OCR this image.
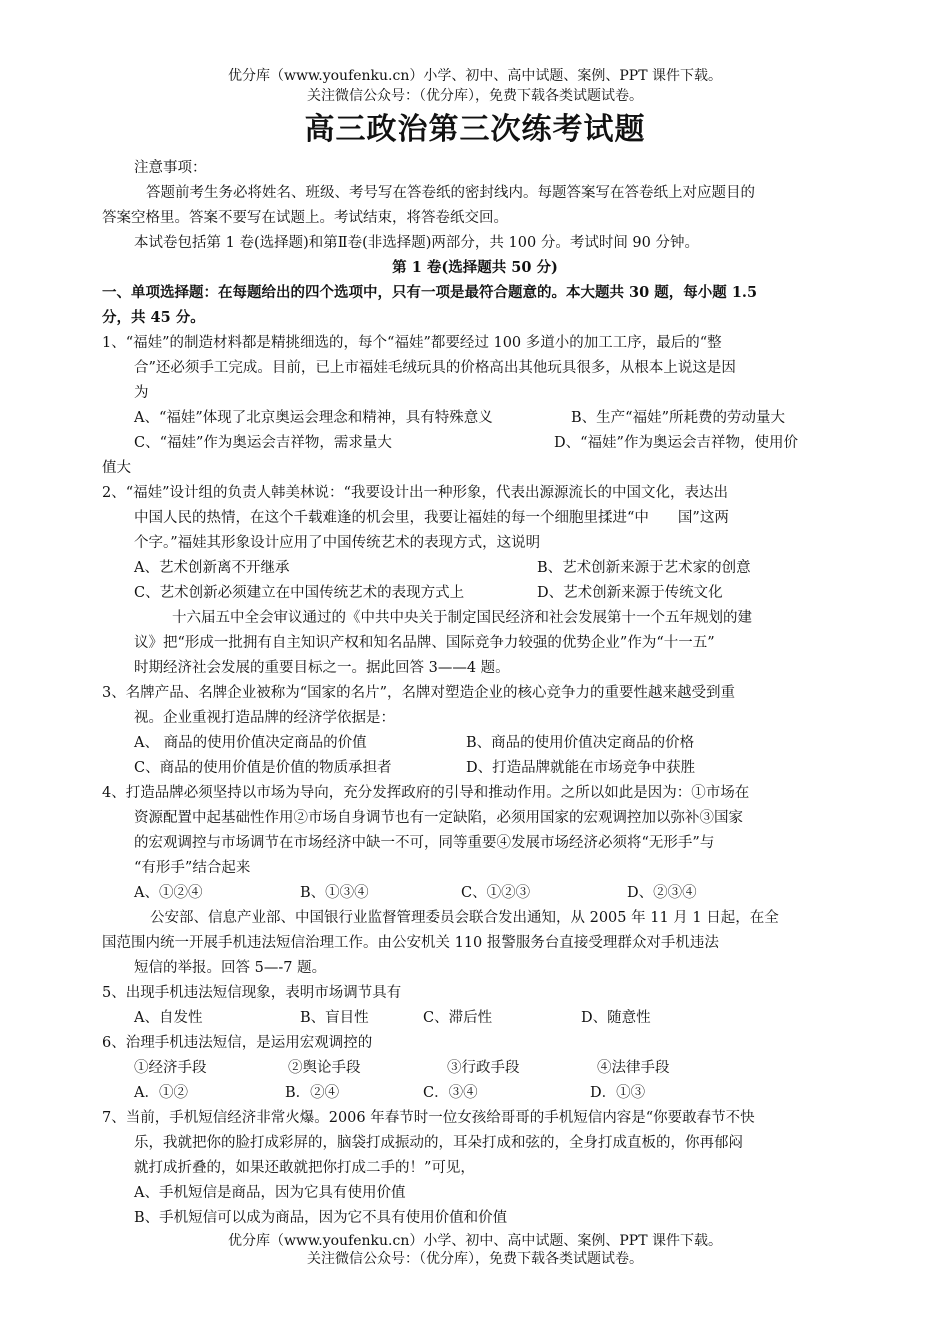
优分库（www.youfenku.cn）小学、初中、高中试题、案例、PPT 课件下载。
关注微信公众号：（优分库），免费下载各类试题试卷。
高三政治第三次练考试题
注意事项：
答题前考生务必将姓名、班级、考号写在答卷纸的密封线内。每题答案写在答卷纸上对应题目的
答案空格里。答案不要写在试题上。考试结束，将答卷纸交回。
本试卷包括第 1 卷(选择题)和第Ⅱ卷(非选择题)两部分，共 100 分。考试时间 90 分钟。
第 1 卷(选择题共 50 分)
一、单项选择题：在每题给出的四个选项中，只有一项是最符合题意的。本大题共 30 题，每小题 1.5
分，共 45 分。
1、“福娃”的制造材料都是精挑细选的，每个“福娃”都要经过 100 多道小的加工工序，最后的“整
合”还必须手工完成。目前，已上市福娃毛绒玩具的价格高出其他玩具很多，从根本上说这是因
为
A、“福娃”体现了北京奥运会理念和精神，具有特殊意义	B、生产“福娃”所耗费的劳动量大
C、“福娃”作为奥运会吉祥物，需求量大	D、“福娃”作为奥运会吉祥物，使用价
值大
2、“福娃”设计组的负责人韩美林说：“我要设计出一种形象，代表出源源流长的中国文化，表达出
中国人民的热情，在这个千载难逢的机会里，我要让福娃的每一个细胞里揉进“中　　国”这两
个字。”福娃其形象设计应用了中国传统艺术的表现方式，这说明
A、艺术创新离不开继承	B、艺术创新来源于艺术家的创意
C、艺术创新必须建立在中国传统艺术的表现方式上	D、艺术创新来源于传统文化
十六届五中全会审议通过的《中共中央关于制定国民经济和社会发展第十一个五年规划的建
议》把“形成一批拥有自主知识产权和知名品牌、国际竞争力较强的优势企业”作为“十一五”
时期经济社会发展的重要目标之一。据此回答 3——4 题。
3、名牌产品、名牌企业被称为“国家的名片”，名牌对塑造企业的核心竞争力的重要性越来越受到重
视。企业重视打造品牌的经济学依据是：
A、 商品的使用价值决定商品的价值	B、商品的使用价值决定商品的价格
C、商品的使用价值是价值的物质承担者	D、打造品牌就能在市场竞争中获胜
4、打造品牌必须坚持以市场为导向，充分发挥政府的引导和推动作用。之所以如此是因为：①市场在
资源配置中起基础性作用②市场自身调节也有一定缺陷，必须用国家的宏观调控加以弥补③国家
的宏观调控与市场调节在市场经济中缺一不可，同等重要④发展市场经济必须将“无形手”与
“有形手”结合起来
A、①②④	B、①③④	C、①②③	D、②③④
公安部、信息产业部、中国银行业监督管理委员会联合发出通知，从 2005 年 11 月 1 日起，在全
国范围内统一开展手机违法短信治理工作。由公安机关 110 报警服务台直接受理群众对手机违法
短信的举报。回答 5—-7 题。
5、出现手机违法短信现象，表明市场调节具有
A、自发性	B、盲目性	C、滞后性	D、随意性
6、治理手机违法短信，是运用宏观调控的
①经济手段	②舆论手段	③行政手段	④法律手段
A．①②	B．②④	C．③④	D．①③
7、当前，手机短信经济非常火爆。2006 年春节时一位女孩给哥哥的手机短信内容是“你要敢春节不快
乐，我就把你的脸打成彩屏的，脑袋打成振动的，耳朵打成和弦的，全身打成直板的，你再郁闷
就打成折叠的，如果还敢就把你打成二手的！”可见，
A、手机短信是商品，因为它具有使用价值
B、手机短信可以成为商品，因为它不具有使用价值和价值
优分库（www.youfenku.cn）小学、初中、高中试题、案例、PPT 课件下载。
关注微信公众号：（优分库），免费下载各类试题试卷。
